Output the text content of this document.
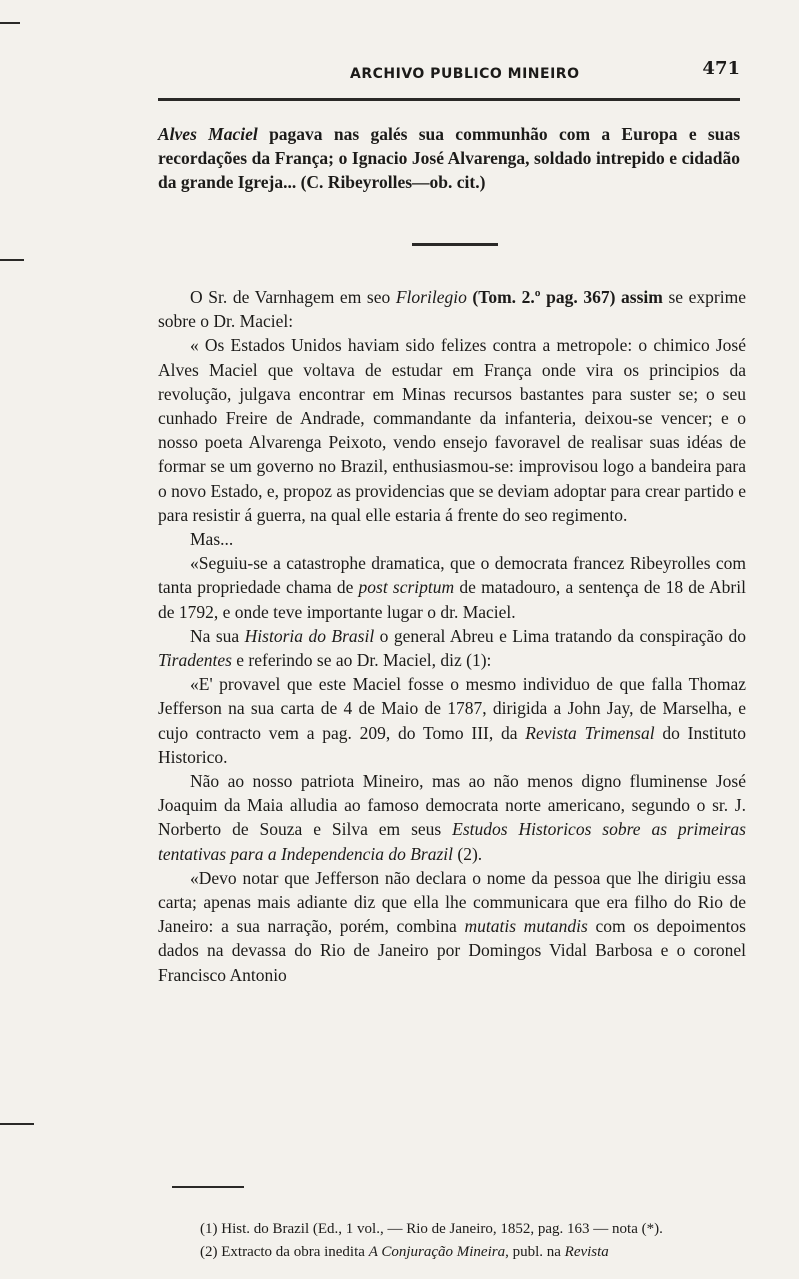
ARCHIVO PUBLICO MINEIRO	471
Alves Maciel pagava nas galés sua communhão com a Europa e suas recordações da França; o Ignacio José Alvarenga, soldado intrepido e cidadão da grande Igreja... (C. Ribeyrolles—ob. cit.)

O Sr. de Varnhagem em seo Florilegio (Tom. 2.º pag. 367) assim se exprime sobre o Dr. Maciel:

« Os Estados Unidos haviam sido felizes contra a metropole: o chimico José Alves Maciel que voltava de estudar em França onde vira os principios da revolução, julgava encontrar em Minas recursos bastantes para suster se; o seu cunhado Freire de Andrade, commandante da infanteria, deixou-se vencer; e o nosso poeta Alvarenga Peixoto, vendo ensejo favoravel de realisar suas idéas de formar se um governo no Brazil, enthusiasmou-se: improvisou logo a bandeira para o novo Estado, e, propoz as providencias que se deviam adoptar para crear partido e para resistir á guerra, na qual elle estaria á frente do seo regimento.

Mas...

«Seguiu-se a catastrophe dramatica, que o democrata francez Ribeyrolles com tanta propriedade chama de post scriptum de matadouro, a sentença de 18 de Abril de 1792, e onde teve importante lugar o dr. Maciel.

Na sua Historia do Brasil o general Abreu e Lima tratando da conspiração do Tiradentes e referindo se ao Dr. Maciel, diz (1):

«E' provavel que este Maciel fosse o mesmo individuo de que falla Thomaz Jefferson na sua carta de 4 de Maio de 1787, dirigida a John Jay, de Marselha, e cujo contracto vem a pag. 209, do Tomo III, da Revista Trimensal do Instituto Historico.

Não ao nosso patriota Mineiro, mas ao não menos digno fluminense José Joaquim da Maia alludia ao famoso democrata norte americano, segundo o sr. J. Norberto de Souza e Silva em seus Estudos Historicos sobre as primeiras tentativas para a Independencia do Brazil (2).

«Devo notar que Jefferson não declara o nome da pessoa que lhe dirigiu essa carta; apenas mais adiante diz que ella lhe communicara que era filho do Rio de Janeiro: a sua narração, porém, combina mutatis mutandis com os depoimentos dados na devassa do Rio de Janeiro por Domingos Vidal Barbosa e o coronel Francisco Antonio

(1) Hist. do Brazil (Ed., 1 vol., — Rio de Janeiro, 1852, pag. 163 — nota (*).

(2) Extracto da obra inedita A Conjuração Mineira, publ. na Revista
